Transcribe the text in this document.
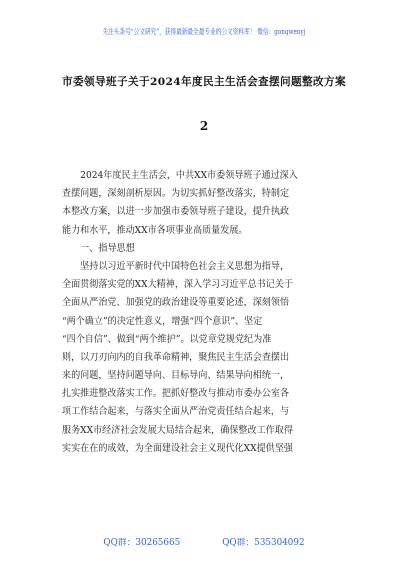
关注头条号“公文研究”，获得最新最全最专业的公文资料库！ 微信：gongwenyj
市委领导班子关于2024年度民主生活会查摆问题整改方案
2
　　2024年度民主生活会，中共XX市委领导班子通过深入
查摆问题，深刻剖析原因。为切实抓好整改落实，特制定
本整改方案，以进一步加强市委领导班子建设，提升执政
能力和水平，推动XX市各项事业高质量发展。
　　一、指导思想
　　坚持以习近平新时代中国特色社会主义思想为指导，
全面贯彻落实党的XX大精神，深入学习习近平总书记关于
全面从严治党、加强党的政治建设等重要论述，深刻领悟
“两个确立”的决定性意义，增强“四个意识”、坚定
“四个自信”、做到“两个维护”。以党章党规党纪为准
则，以刀刃向内的自我革命精神，聚焦民主生活会查摆出
来的问题，坚持问题导向、目标导向、结果导向相统一，
扎实推进整改落实工作。把抓好整改与推动市委办公室各
项工作结合起来，与落实全面从严治党责任结合起来，与
服务XX市经济社会发展大局结合起来，确保整改工作取得
实实在在的成效，为全面建设社会主义现代化XX提供坚强
QQ群：30265665	QQ群：535304092
